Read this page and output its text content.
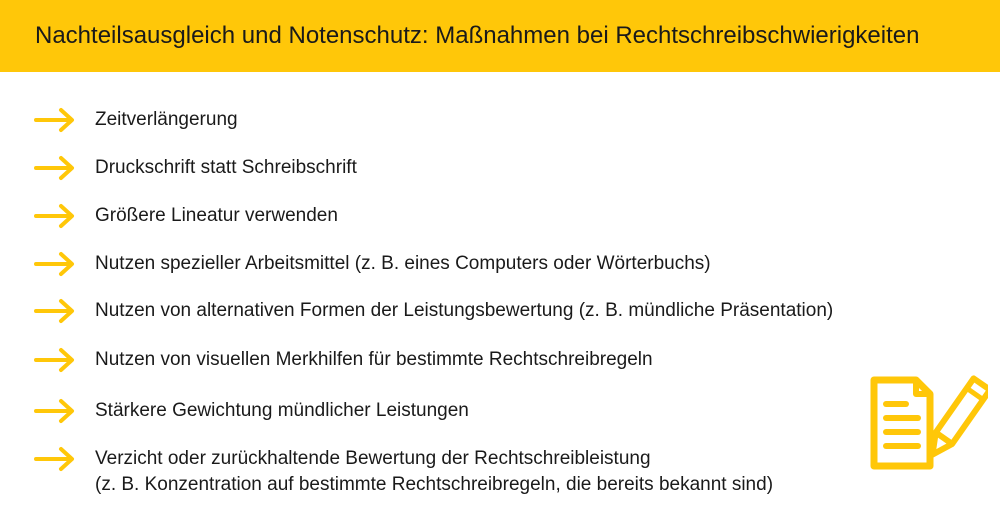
Nachteilsausgleich und Notenschutz: Maßnahmen bei Rechtschreibschwierigkeiten
Zeitverlängerung
Druckschrift statt Schreibschrift
Größere Lineatur verwenden
Nutzen spezieller Arbeitsmittel (z. B. eines Computers oder Wörterbuchs)
Nutzen von alternativen Formen der Leistungsbewertung (z. B. mündliche Präsentation)
Nutzen von visuellen Merkhilfen für bestimmte Rechtschreibregeln
Stärkere Gewichtung mündlicher Leistungen
Verzicht oder zurückhaltende Bewertung der Rechtschreibleistung
(z. B. Konzentration auf bestimmte Rechtschreibregeln, die bereits bekannt sind)
